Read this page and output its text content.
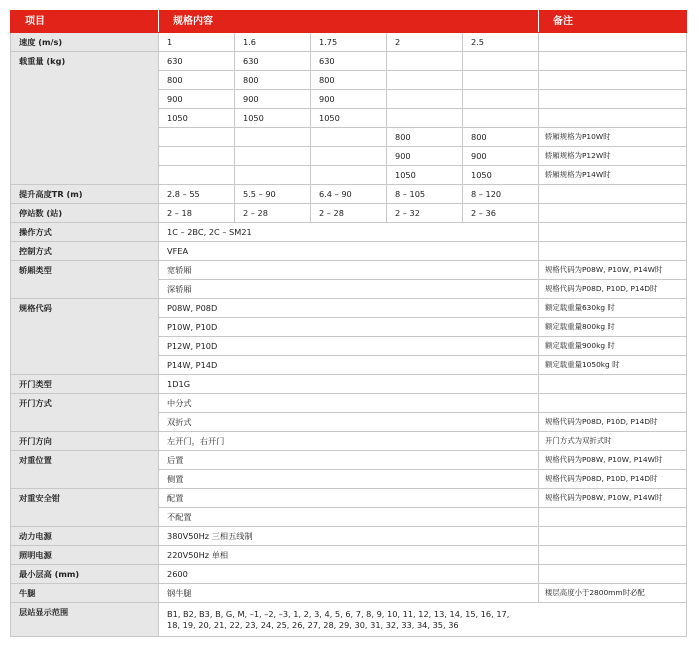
项目	规格内容					备注
速度 (m/s)	1	1.6	1.75	2	2.5	
载重量 (kg)	630	630	630			
	800	800	800			
	900	900	900			
	1050	1050	1050			
				800	800	轿厢规格为P10W时
				900	900	轿厢规格为P12W时
				1050	1050	轿厢规格为P14W时
提升高度TR (m)	2.8 – 55	5.5 – 90	6.4 – 90	8 – 105	8 – 120	
停站数 (站)	2 – 18	2 – 28	2 – 28	2 – 32	2 – 36	
操作方式	1C – 2BC, 2C – SM21					
控制方式	VFEA					
轿厢类型	宽轿厢					规格代码为P08W, P10W, P14W时
	深轿厢					规格代码为P08D, P10D, P14D时
规格代码	P08W, P08D					额定载重量630kg 时
	P10W, P10D					额定载重量800kg 时
	P12W, P10D					额定载重量900kg 时
	P14W, P14D					额定载重量1050kg 时
开门类型	1D1G					
开门方式	中分式					
	双折式					规格代码为P08D, P10D, P14D时
开门方向	左开门，右开门					开门方式为双折式时
对重位置	后置					规格代码为P08W, P10W, P14W时
	侧置					规格代码为P08D, P10D, P14D时
对重安全钳	配置					规格代码为P08W, P10W, P14W时
	不配置					
动力电源	380V50Hz 三相五线制					
照明电源	220V50Hz 单相					
最小层高 (mm)	2600					
牛腿	钢牛腿					楼层高度小于2800mm时必配
层站显示范围	B1, B2, B3, B, G, M, –1, –2, –3, 1, 2, 3, 4, 5, 6, 7, 8, 9, 10, 11, 12, 13, 14, 15, 16, 17,
18, 19, 20, 21, 22, 23, 24, 25, 26, 27, 28, 29, 30, 31, 32, 33, 34, 35, 36					
